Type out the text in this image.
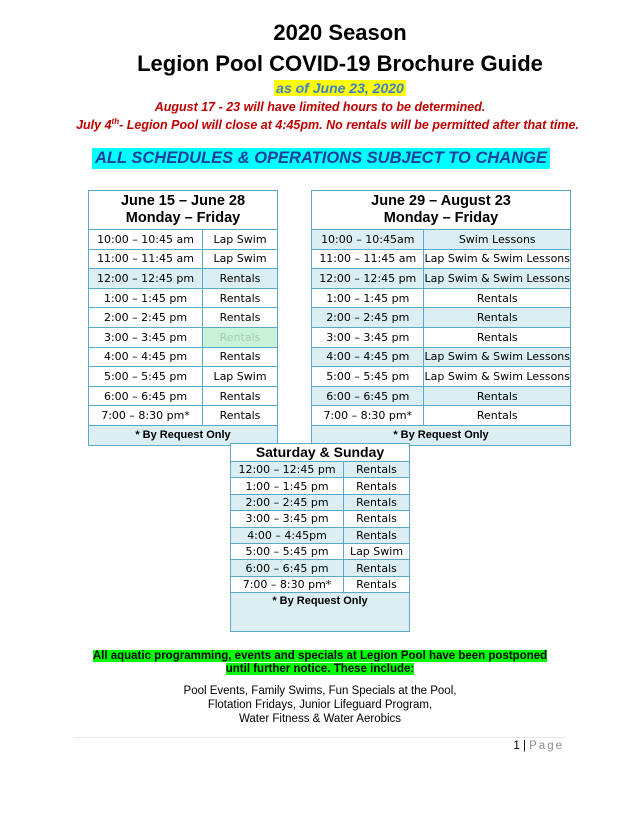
2020 Season
Legion Pool COVID-19 Brochure Guide
as of June 23, 2020
August 17 - 23 will have limited hours to be determined.
July 4th- Legion Pool will close at 4:45pm. No rentals will be permitted after that time.
ALL SCHEDULES & OPERATIONS SUBJECT TO CHANGE
June 15 – June 28
Monday – Friday	

10:00 – 10:45 am	Lap Swim
11:00 – 11:45 am	Lap Swim
12:00 – 12:45 pm	Rentals
1:00 – 1:45 pm	Rentals
2:00 – 2:45 pm	Rentals
3:00 – 3:45 pm	Rentals
4:00 – 4:45 pm	Rentals
5:00 – 5:45 pm	Lap Swim
6:00 – 6:45 pm	Rentals
7:00 – 8:30 pm*	Rentals
* By Request Only	
June 29 – August 23
Monday – Friday	

10:00 – 10:45am	Swim Lessons
11:00 – 11:45 am	Lap Swim & Swim Lessons
12:00 – 12:45 pm	Lap Swim & Swim Lessons
1:00 – 1:45 pm	Rentals
2:00 – 2:45 pm	Rentals
3:00 – 3:45 pm	Rentals
4:00 – 4:45 pm	Lap Swim & Swim Lessons
5:00 – 5:45 pm	Lap Swim & Swim Lessons
6:00 – 6:45 pm	Rentals
7:00 – 8:30 pm*	Rentals
* By Request Only	
Saturday & Sunday	
12:00 – 12:45 pm	Rentals
1:00 – 1:45 pm	Rentals
2:00 – 2:45 pm	Rentals
3:00 – 3:45 pm	Rentals
4:00 – 4:45pm	Rentals
5:00 – 5:45 pm	Lap Swim
6:00 – 6:45 pm	Rentals
7:00 – 8:30 pm*	Rentals
* By Request Only	
All aquatic programming, events and specials at Legion Pool have been postponed
until further notice. These include:
Pool Events, Family Swims, Fun Specials at the Pool,
Flotation Fridays, Junior Lifeguard Program,
Water Fitness & Water Aerobics
1 | Page
